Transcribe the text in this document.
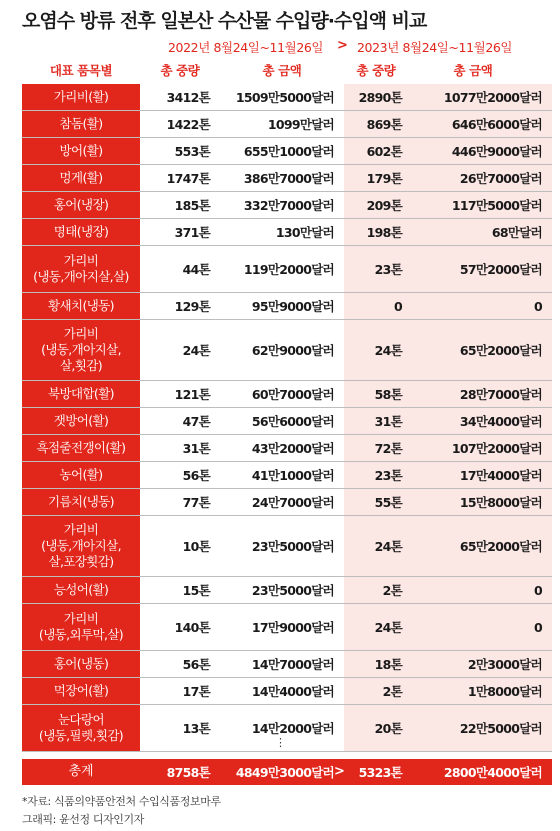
오염수 방류 전후 일본산 수산물 수입량·수입액 비교
2022년 8월24일~11월26일 > 2023년 8월24일~11월26일
대표 품목별	총 중량	총 금액	총 중량	총 금액
가리비(활)	3412톤	1509만5000달러	2890톤	1077만2000달러
참돔(활)	1422톤	1099만달러	869톤	646만6000달러
방어(활)	553톤	655만1000달러	602톤	446만9000달러
멍게(활)	1747톤	386만7000달러	179톤	26만7000달러
홍어(냉장)	185톤	332만7000달러	209톤	117만5000달러
명태(냉장)	371톤	130만달러	198톤	68만달러
가리비
(냉동,개아지살,살)	44톤	119만2000달러	23톤	57만2000달러
황새치(냉동)	129톤	95만9000달러	0	0
가리비
(냉동,개아지살,
살,횟감)
24톤	62만9000달러	24톤	65만2000달러
북방대합(활)	121톤	60만7000달러	58톤	28만7000달러
잿방어(활)	47톤	56만6000달러	31톤	34만4000달러
흑점줄전갱이(활)	31톤	43만2000달러	72톤	107만2000달러
농어(활)	56톤	41만1000달러	23톤	17만4000달러
기름치(냉동)	77톤	24만7000달러	55톤	15만8000달러
가리비
(냉동,개아지살,
살,포장횟감)
10톤	23만5000달러	24톤	65만2000달러
능성어(활)	15톤	23만5000달러	2톤	0
가리비
(냉동,외투막,살)	140톤	17만9000달러	24톤	0
홍어(냉동)	56톤	14만7000달러	18톤	2만3000달러
먹장어(활)	17톤	14만4000달러	2톤	1만8000달러
눈다랑어
(냉동,필렛,횟감)	13톤	14만2000달러	20톤	22만5000달러
⋮
총계	8758톤	4849만3000달러 >	5323톤	2800만4000달러
*자료: 식품의약품안전처 수입식품정보마루
그래픽: 윤선정 디자인기자
